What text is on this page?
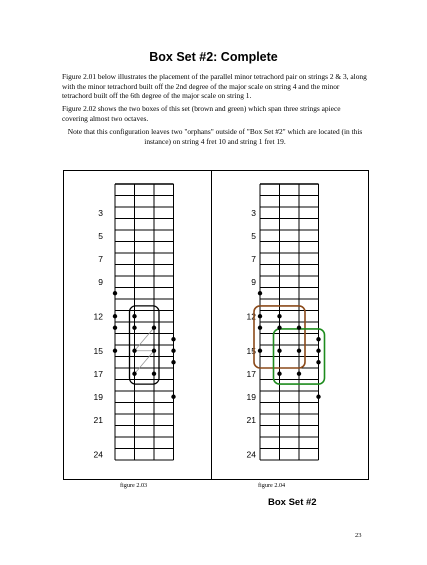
Box Set #2: Complete

Figure 2.01 below illustrates the placement of the parallel minor tetrachord pair on strings 2 & 3, along with the minor tetrachord built off the 2nd degree of the major scale on string 4 and the minor tetrachord built off the 6th degree of the major scale on string 1.

Figure 2.02 shows the two boxes of this set (brown and green) which span three strings apiece covering almost two octaves.

Note that this configuration leaves two "orphans" outside of "Box Set #2" which are located (in this instance) on string 4 fret 10 and string 1 fret 19.

3
5
7
9
12
15
17
19
21
24
3
5
7
9
12
15
17
19
21
24
figure 2.03	figure 2.04
Box Set #2
23
